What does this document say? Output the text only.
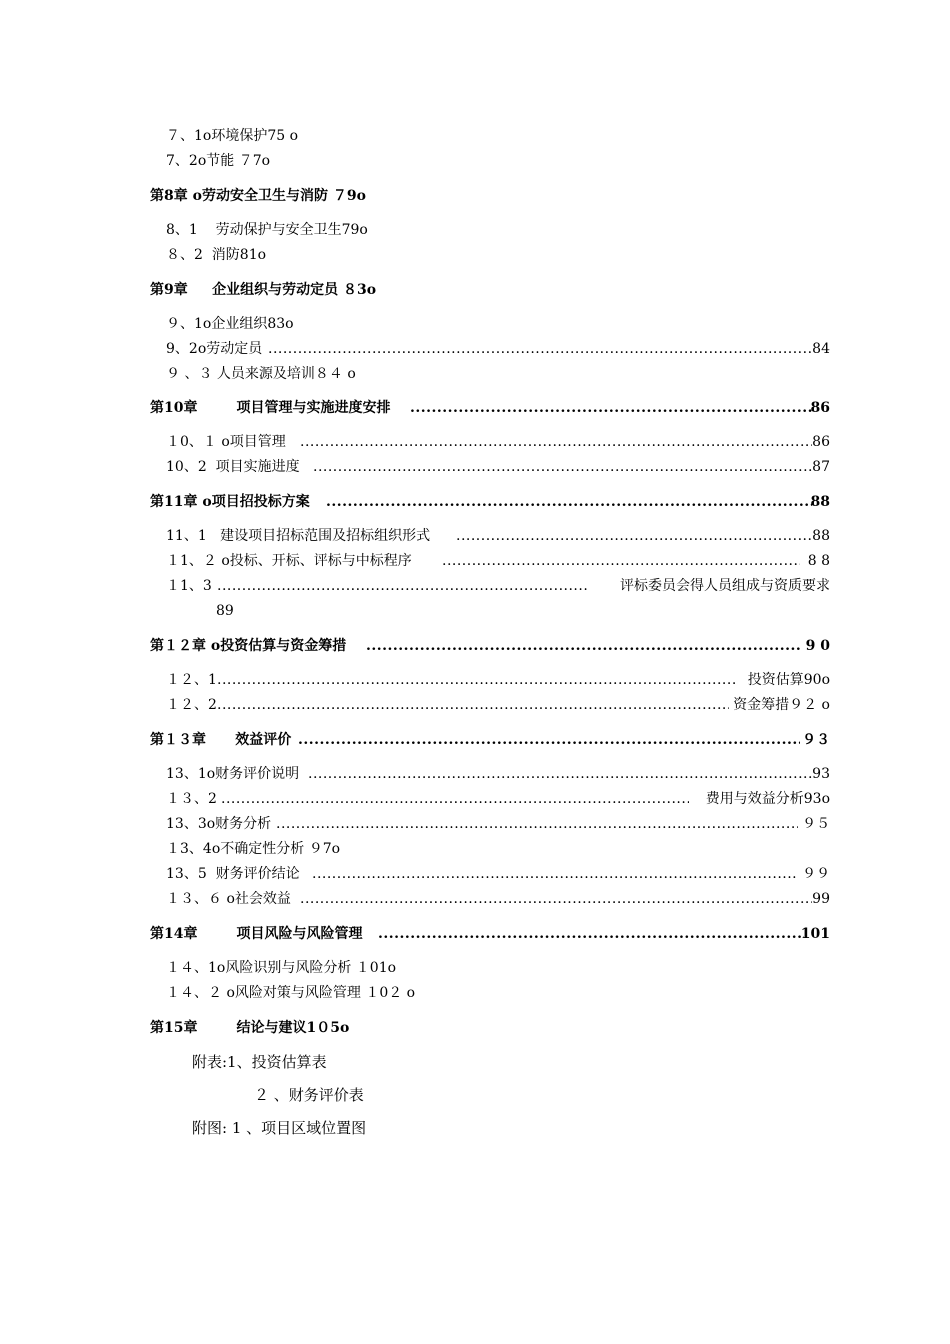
７、1o环境保护75 o
7、2o节能 ７7o
第8章 o劳动安全卫生与消防 ７9o
8、1    劳动保护与安全卫生79o
８、2  消防81o
第9章     企业组织与劳动定员 ８3o
９、1o企业组织83o
9、2o劳动定员 .....	84
９ 、３ 人员来源及培训８４ o
第10章        项目管理与实施进度安排 .....	86
１0、１ o项目管理 .....	86
10、2  项目实施进度 .....	87
第11章 o项目招投标方案 .....	88
11、1   建设项目招标范围及招标组织形式 .....	88
１1、２ o投标、开标、评标与中标程序 .....	8 8
１1、3 .....	评标委员会得人员组成与资质要求
89
第１２章 o投资估算与资金筹措 .....	9 0
１２、1 .....	投资估算90o
１２、2 .....	资金筹措９２ o
第１３章      效益评价 .....	９３
13、1o财务评价说明 .....	93
１３、2 .....	费用与效益分析93o
13、3o财务分析 .....	９５
１3、4o不确定性分析 ９7o
13、5  财务评价结论 .....	９９
１３、６ o社会效益 .....	99
第14章        项目风险与风险管理 .....	101
１４、1o风险识别与风险分析 １01o
１４、２ o风险对策与风险管理 １0２ o
第15章        结论与建议1０5o
附表:1、投资估算表
２ 、财务评价表
附图: 1 、项目区域位置图
